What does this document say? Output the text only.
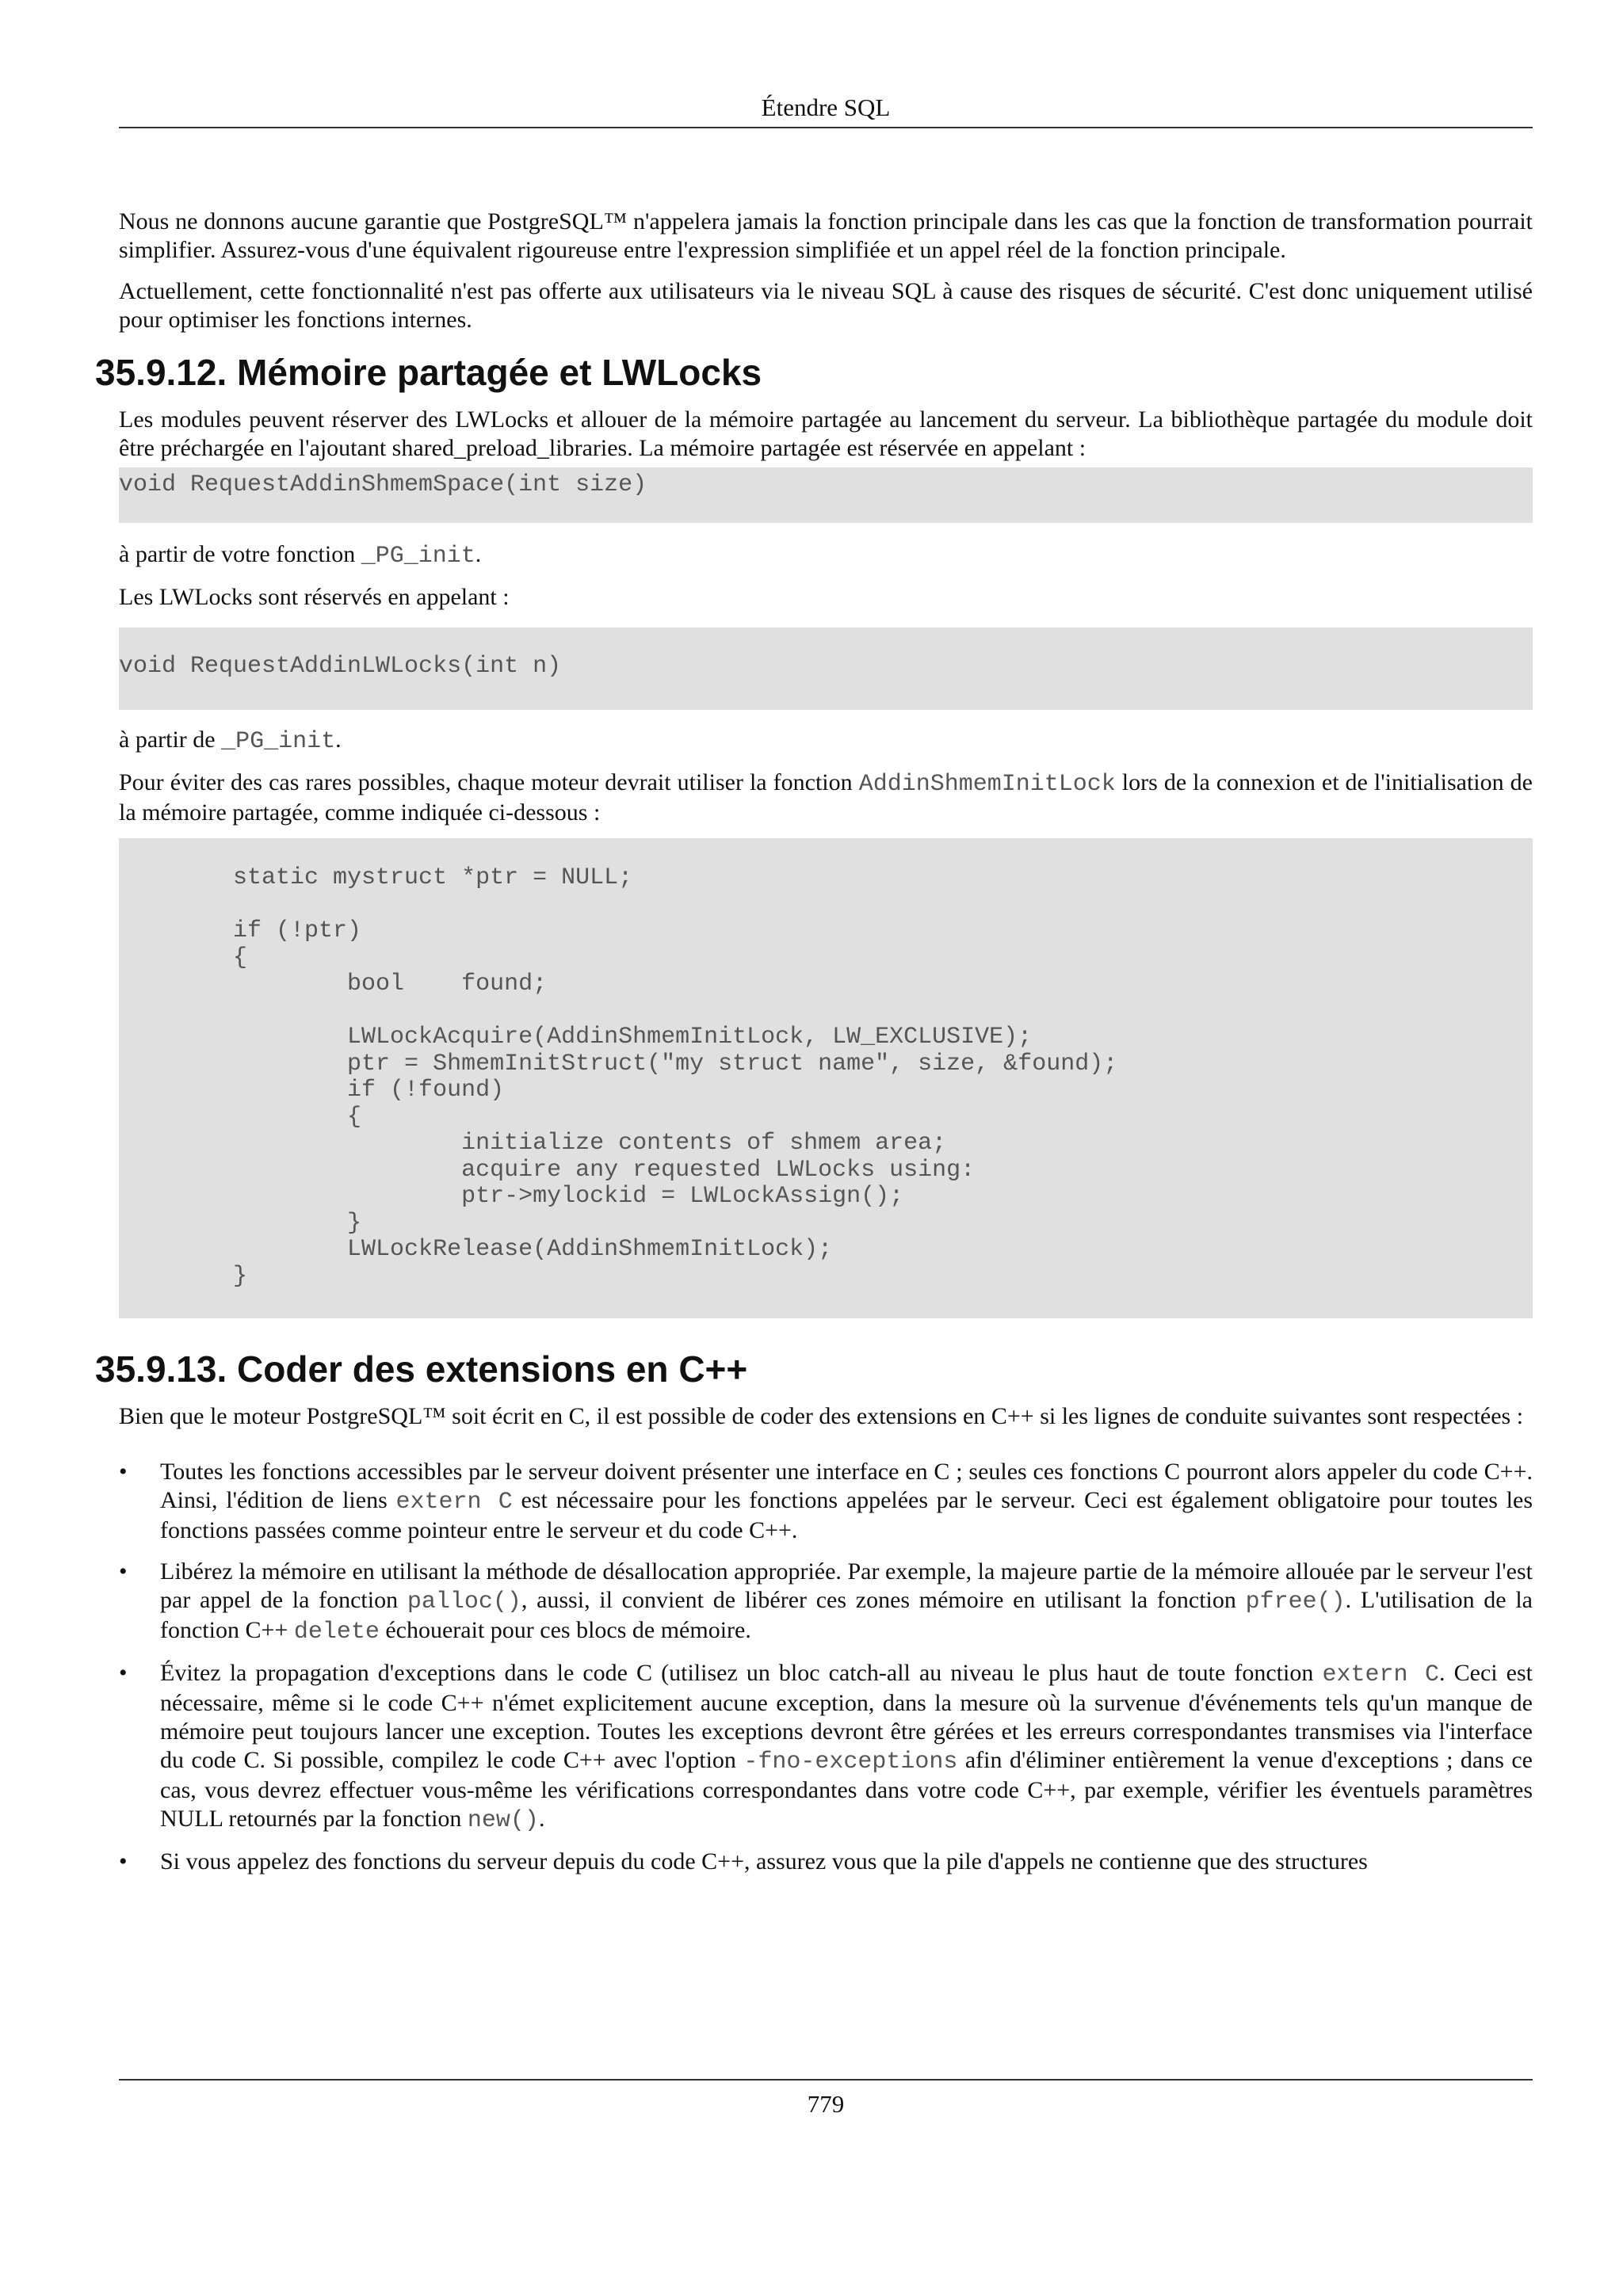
Étendre SQL

Nous ne donnons aucune garantie que PostgreSQL™ n'appelera jamais la fonction principale dans les cas que la fonction de transformation pourrait simplifier. Assurez-vous d'une équivalent rigoureuse entre l'expression simplifiée et un appel réel de la fonction principale.

Actuellement, cette fonctionnalité n'est pas offerte aux utilisateurs via le niveau SQL à cause des risques de sécurité. C'est donc uniquement utilisé pour optimiser les fonctions internes.

35.9.12. Mémoire partagée et LWLocks

Les modules peuvent réserver des LWLocks et allouer de la mémoire partagée au lancement du serveur. La bibliothèque partagée du module doit être préchargée en l'ajoutant shared_preload_libraries. La mémoire partagée est réservée en appelant :

void RequestAddinShmemSpace(int size)

à partir de votre fonction _PG_init.

Les LWLocks sont réservés en appelant :

void RequestAddinLWLocks(int n)

à partir de _PG_init.

Pour éviter des cas rares possibles, chaque moteur devrait utiliser la fonction AddinShmemInitLock lors de la connexion et de l'initialisation de la mémoire partagée, comme indiquée ci-dessous :

static mystruct *ptr = NULL;

if (!ptr)
{
bool    found;

LWLockAcquire(AddinShmemInitLock, LW_EXCLUSIVE);
ptr = ShmemInitStruct("my struct name", size, &found);
if (!found)
{
initialize contents of shmem area;
acquire any requested LWLocks using:
ptr->mylockid = LWLockAssign();
}
LWLockRelease(AddinShmemInitLock);
}
35.9.13. Coder des extensions en C++

Bien que le moteur PostgreSQL™ soit écrit en C, il est possible de coder des extensions en C++ si les lignes de conduite suivantes sont respectées :

• Toutes les fonctions accessibles par le serveur doivent présenter une interface en C ; seules ces fonctions C pourront alors appeler du code C++. Ainsi, l'édition de liens extern C est nécessaire pour les fonctions appelées par le serveur. Ceci est également obligatoire pour toutes les fonctions passées comme pointeur entre le serveur et du code C++.
• Libérez la mémoire en utilisant la méthode de désallocation appropriée. Par exemple, la majeure partie de la mémoire allouée par le serveur l'est par appel de la fonction palloc(), aussi, il convient de libérer ces zones mémoire en utilisant la fonction pfree(). L'utilisation de la fonction C++ delete échouerait pour ces blocs de mémoire.
• Évitez la propagation d'exceptions dans le code C (utilisez un bloc catch-all au niveau le plus haut de toute fonction extern C. Ceci est nécessaire, même si le code C++ n'émet explicitement aucune exception, dans la mesure où la survenue d'événements tels qu'un manque de mémoire peut toujours lancer une exception. Toutes les exceptions devront être gérées et les erreurs correspondantes transmises via l'interface du code C. Si possible, compilez le code C++ avec l'option -fno-exceptions afin d'éliminer entièrement la venue d'exceptions ; dans ce cas, vous devrez effectuer vous-même les vérifications correspondantes dans votre code C++, par exemple, vérifier les éventuels paramètres NULL retournés par la fonction new().
• Si vous appelez des fonctions du serveur depuis du code C++, assurez vous que la pile d'appels ne contienne que des structures
779
